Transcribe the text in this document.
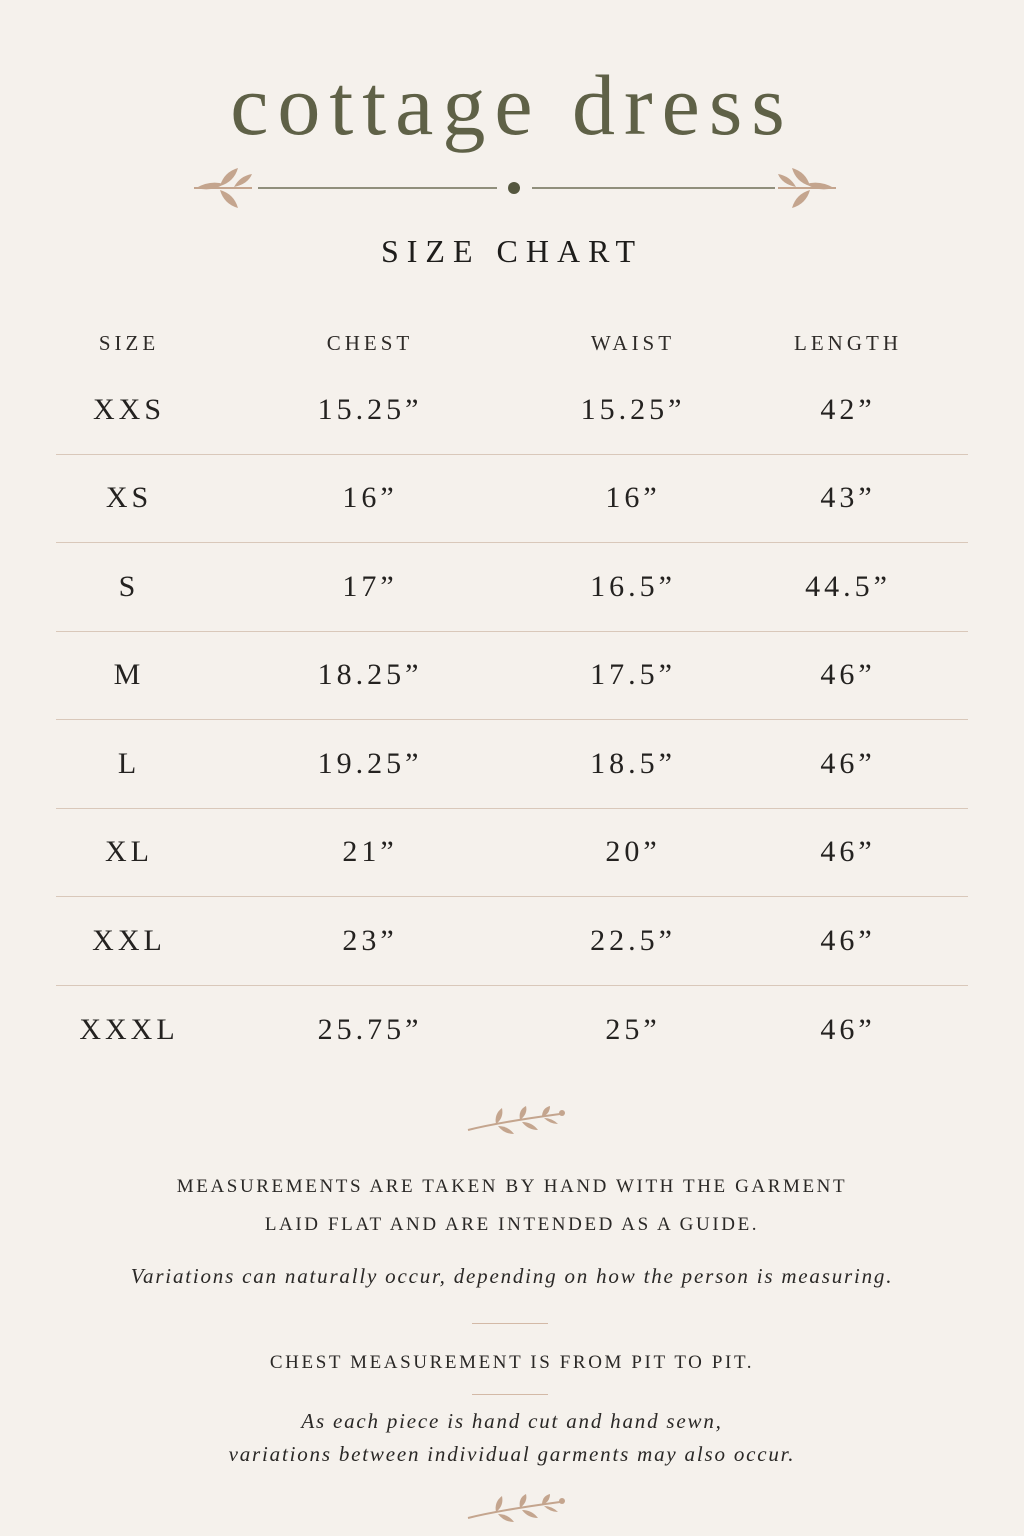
cottage dress
SIZE CHART
SIZE	CHEST	WAIST	LENGTH
XXS	15.25”	15.25”	42”
XS	16”	16”	43”
S	17”	16.5”	44.5”
M	18.25”	17.5”	46”
L	19.25”	18.5”	46”
XL	21”	20”	46”
XXL	23”	22.5”	46”
XXXL	25.75”	25”	46”
MEASUREMENTS ARE TAKEN BY HAND WITH THE GARMENT
LAID FLAT AND ARE INTENDED AS A GUIDE.
Variations can naturally occur, depending on how the person is measuring.
CHEST MEASUREMENT IS FROM PIT TO PIT.
As each piece is hand cut and hand sewn,
variations between individual garments may also occur.
